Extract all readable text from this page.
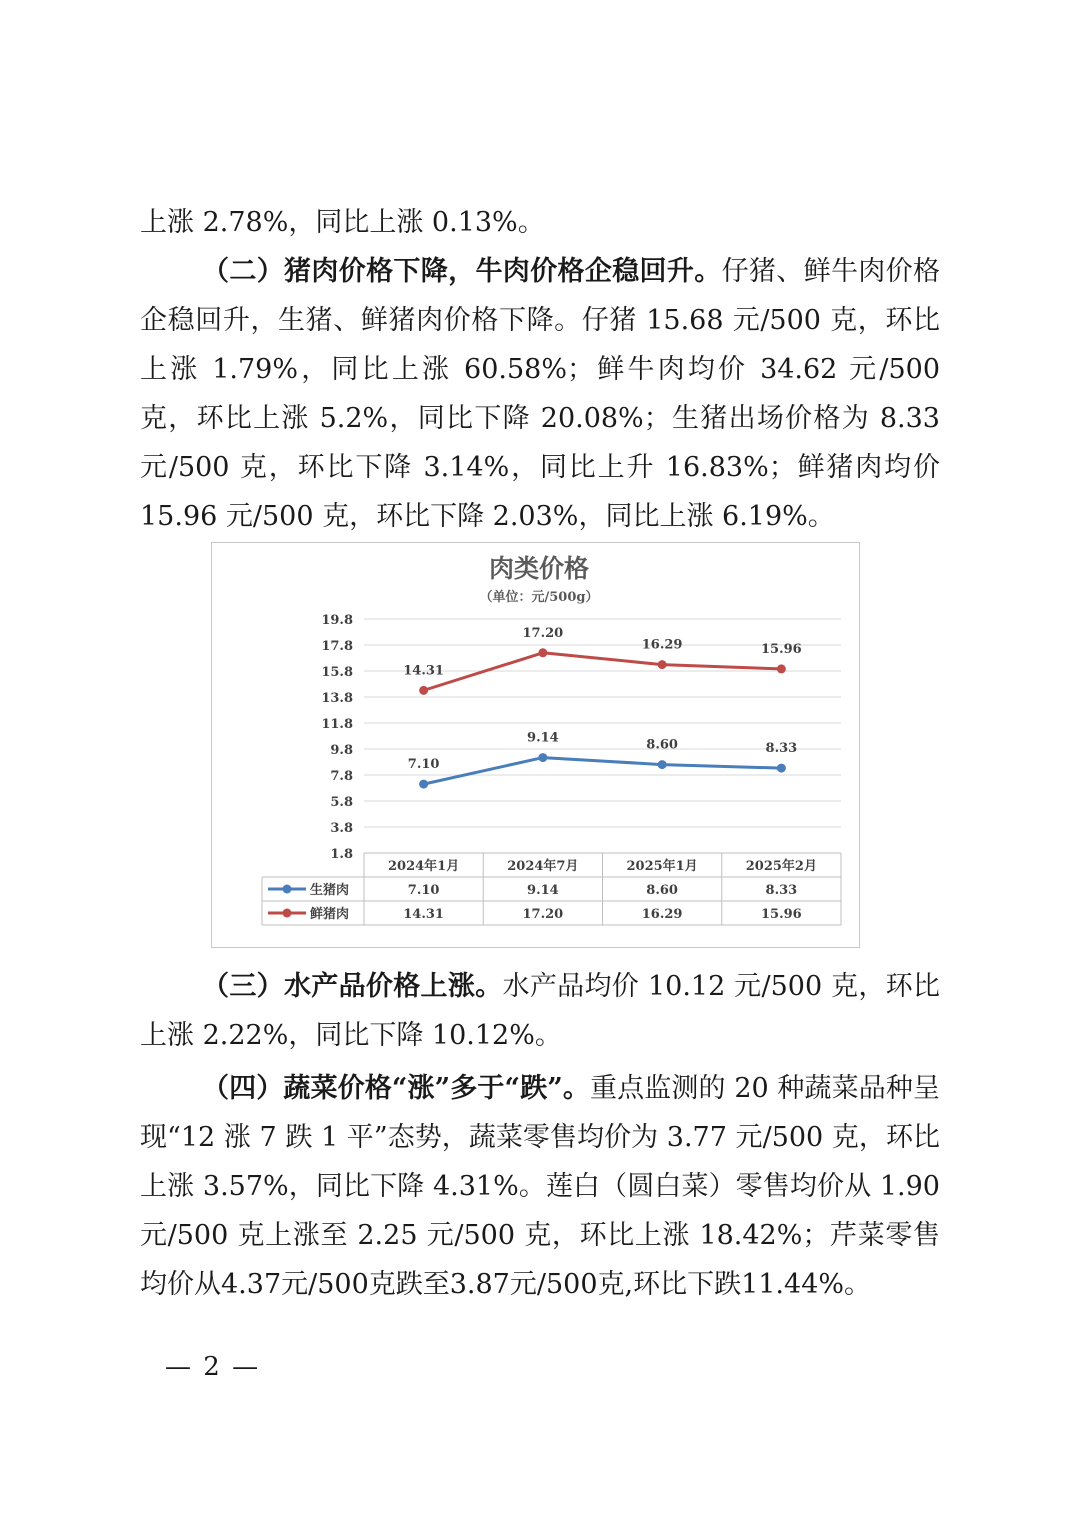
上涨 2.78%，同比上涨 0.13%。

（二）猪肉价格下降，牛肉价格企稳回升。仔猪、鲜牛肉价格企稳回升，生猪、鲜猪肉价格下降。仔猪 15.68 元/500 克，环比上涨 1.79%，同比上涨 60.58%；鲜牛肉均价 34.62 元/500 克，环比上涨 5.2%，同比下降 20.08%；生猪出场价格为 8.33 元/500 克，环比下降 3.14%，同比上升 16.83%；鲜猪肉均价 15.96 元/500 克，环比下降 2.03%，同比上涨 6.19%。

肉类价格
（单位：元/500g）
19.8
17.8
15.8
13.8
11.8
9.8
7.8
5.8
3.8
1.8
2024年1月	2024年7月	2025年1月	2025年2月
7.10
9.14	8.60	8.33
生猪肉	7.10	9.14	8.60	8.33
14.31
17.20
16.29	15.96
鲜猪肉	14.31	17.20	16.29	15.96

（三）水产品价格上涨。水产品均价 10.12 元/500 克，环比上涨 2.22%，同比下降 10.12%。

（四）蔬菜价格“涨”多于“跌”。重点监测的 20 种蔬菜品种呈现“12 涨 7 跌 1 平”态势，蔬菜零售均价为 3.77 元/500 克，环比上涨 3.57%，同比下降 4.31%。莲白（圆白菜）零售均价从 1.90 元/500 克上涨至 2.25 元/500 克，环比上涨 18.42%；芹菜零售均价从4.37元/500克跌至3.87元/500克,环比下跌11.44%。

— 2 —
